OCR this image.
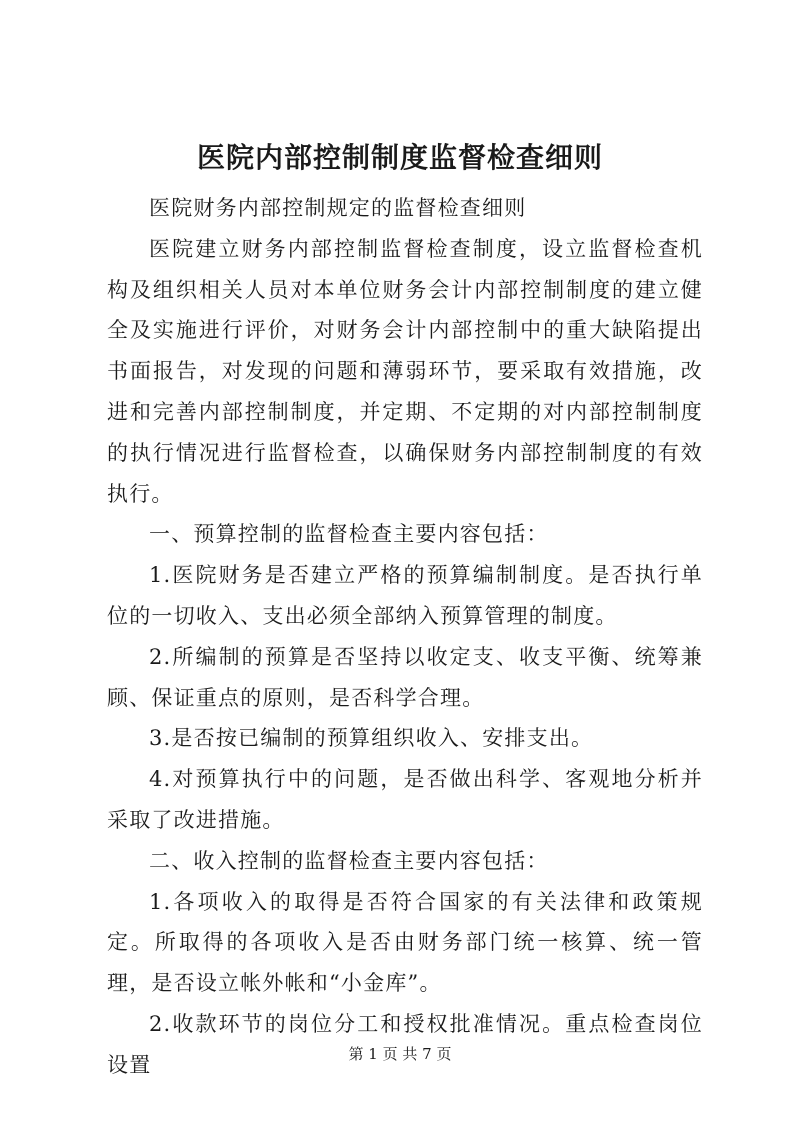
医院内部控制制度监督检查细则

医院财务内部控制规定的监督检查细则

医院建立财务内部控制监督检查制度，设立监督检查机构及组织相关人员对本单位财务会计内部控制制度的建立健全及实施进行评价，对财务会计内部控制中的重大缺陷提出书面报告，对发现的问题和薄弱环节，要采取有效措施，改进和完善内部控制制度，并定期、不定期的对内部控制制度的执行情况进行监督检查，以确保财务内部控制制度的有效执行。

一、预算控制的监督检查主要内容包括：

1.医院财务是否建立严格的预算编制制度。是否执行单位的一切收入、支出必须全部纳入预算管理的制度。

2.所编制的预算是否坚持以收定支、收支平衡、统筹兼顾、保证重点的原则，是否科学合理。

3.是否按已编制的预算组织收入、安排支出。

4.对预算执行中的问题，是否做出科学、客观地分析并采取了改进措施。

二、收入控制的监督检查主要内容包括：

1.各项收入的取得是否符合国家的有关法律和政策规定。所取得的各项收入是否由财务部门统一核算、统一管理，是否设立帐外帐和“小金库”。

2.收款环节的岗位分工和授权批准情况。重点检查岗位设置	第 1 页 共 7 页
